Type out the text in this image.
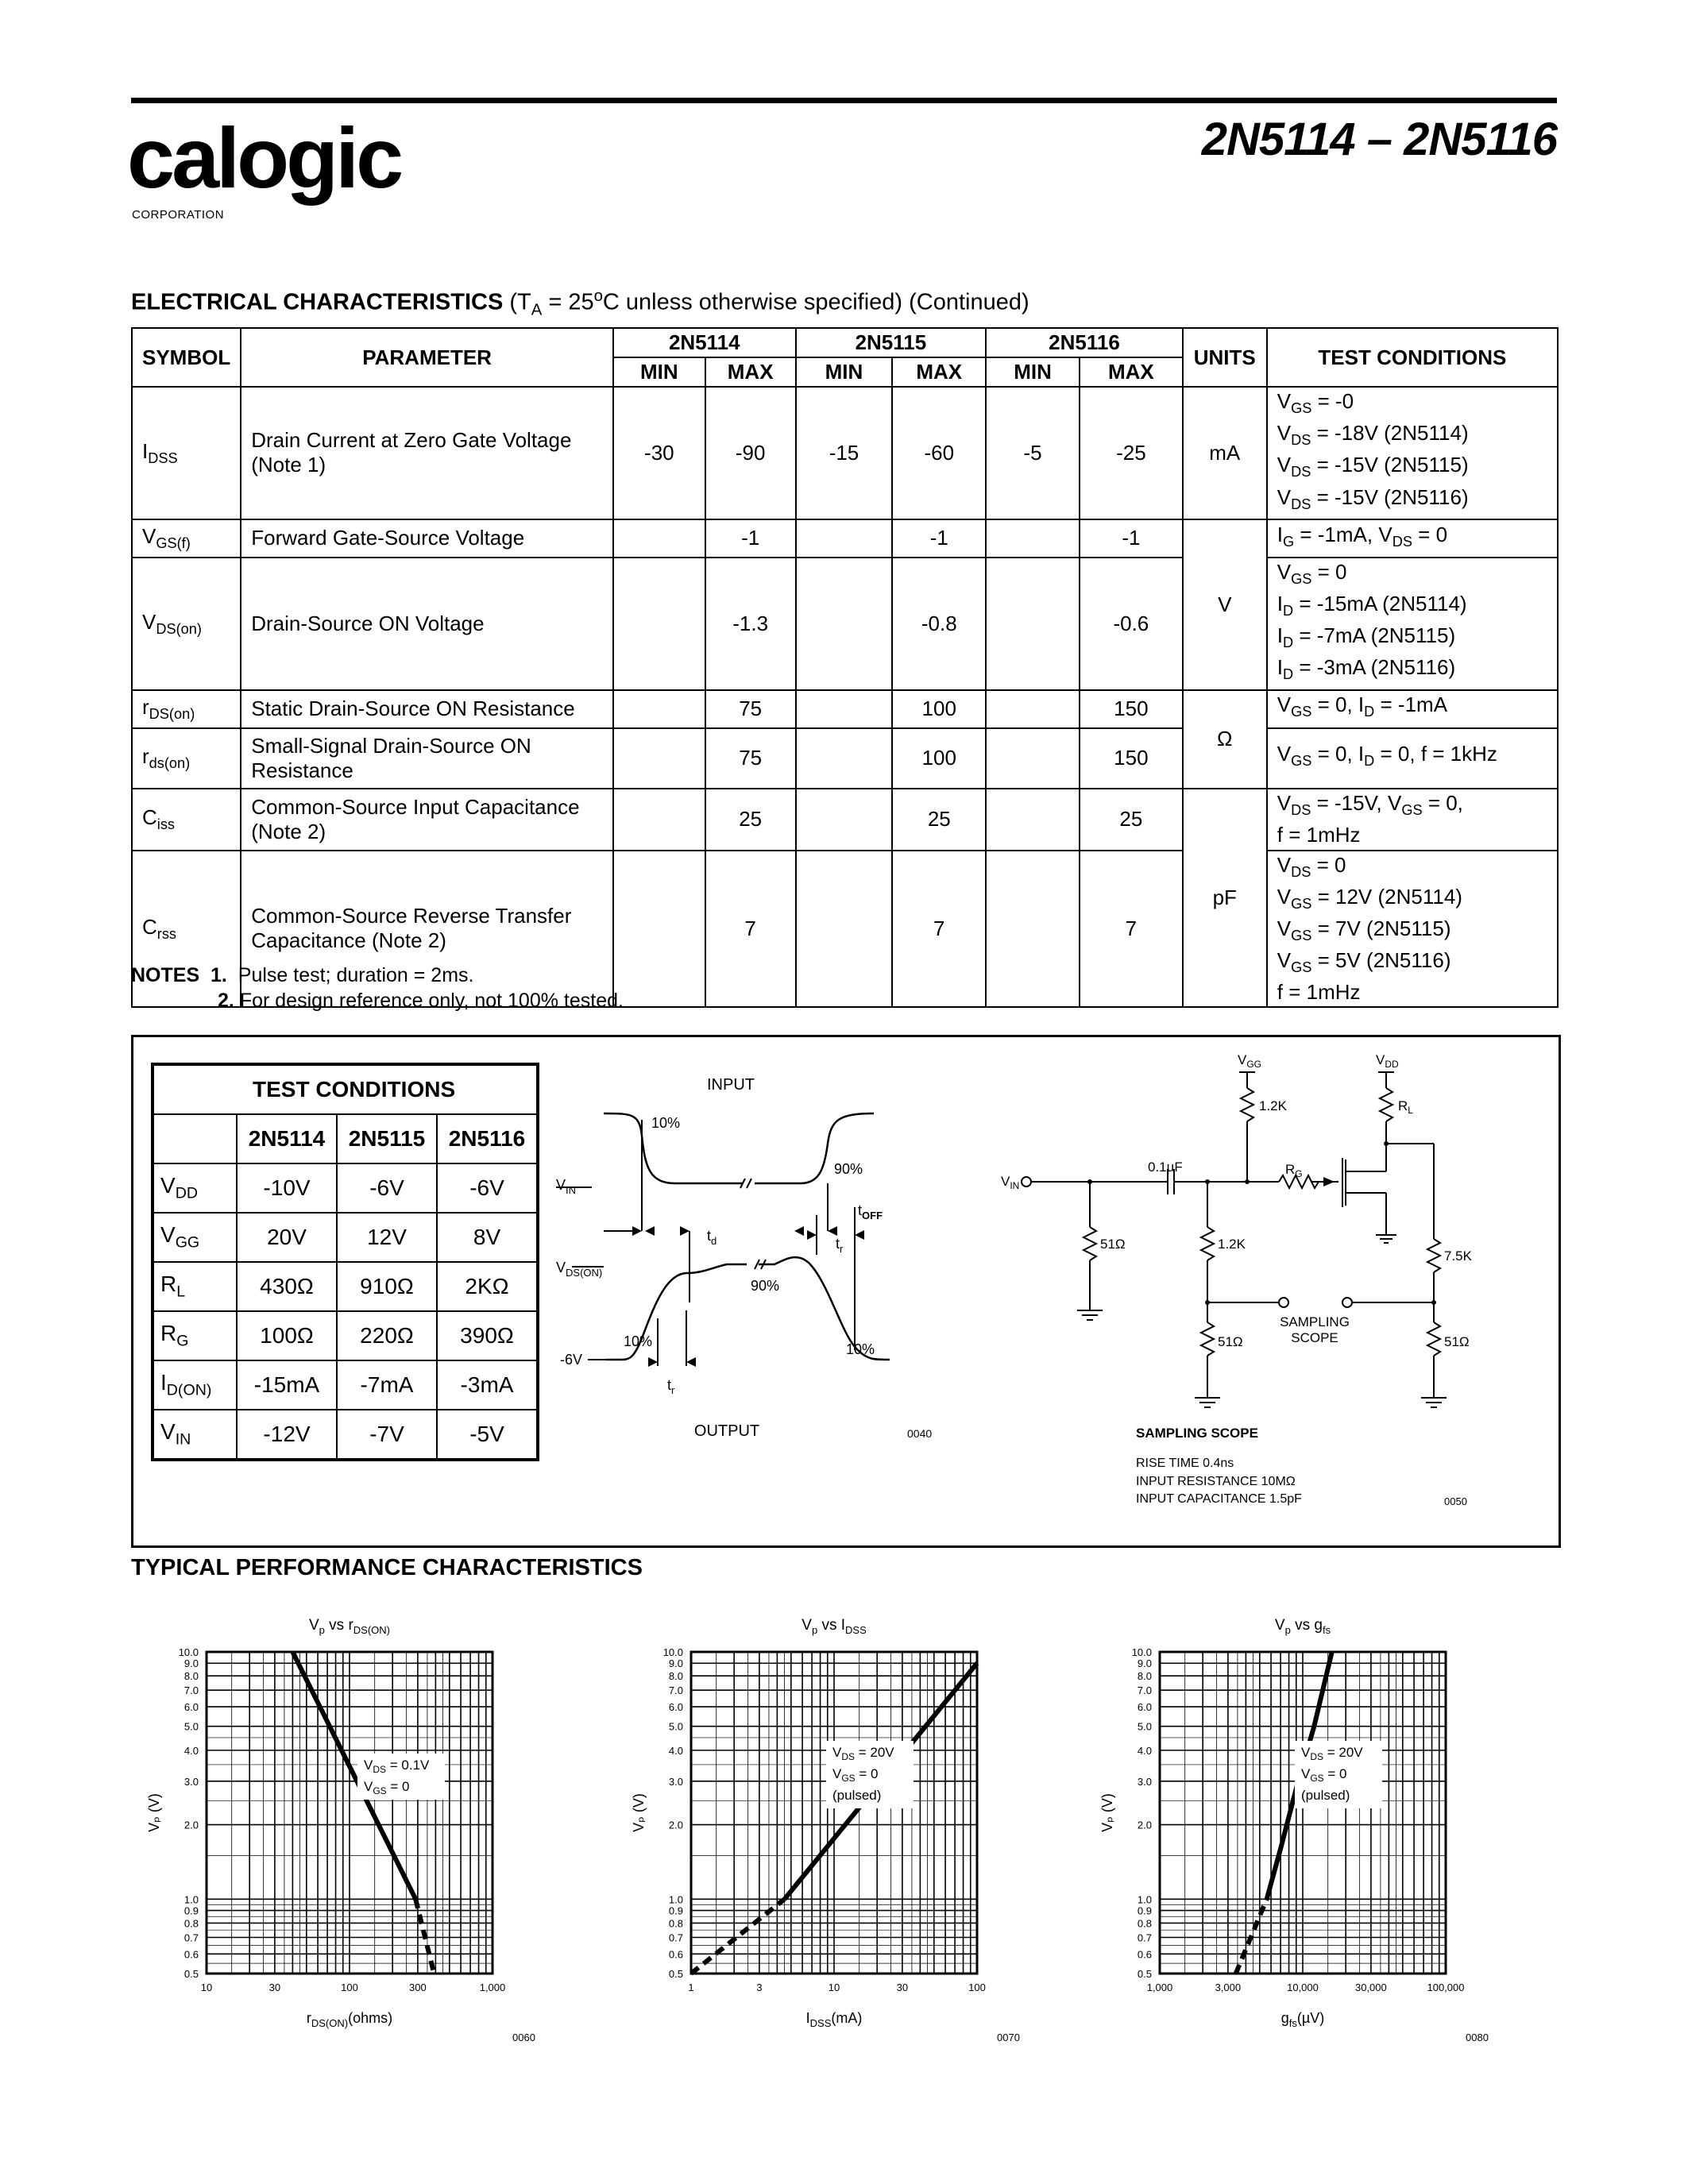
calogic
CORPORATION
2N5114 – 2N5116
ELECTRICAL CHARACTERISTICS ($T_A = 25^oC$ unless otherwise specified) (Continued)
SYMBOL	PARAMETER	2N5114		2N5115		2N5116		UNITS	TEST CONDITIONS
		MIN	MAX	MIN	MAX	MIN	MAX		
$I_{DSS}$	Drain Current at Zero Gate Voltage (Note 1)	-30	-90	-15	-60	-5	-25	mA	$V_{GS} = -0$
$V_{DS} = -18V$ (2N5114)
$V_{DS} = -15V$ (2N5115)
$V_{DS} = -15V$ (2N5116)

$V_{GS(f)}$	Forward Gate-Source Voltage		-1		-1		-1	V	$I_G = -1mA$, $V_{DS} = 0$

$V_{DS(on)}$	Drain-Source ON Voltage		-1.3		-0.8		-0.6		$V_{GS} = 0$
$I_D = -15mA$ (2N5114)
$I_D = -7mA$ (2N5115)
$I_D = -3mA$ (2N5116)

$r_{DS(on)}$	Static Drain-Source ON Resistance		75		100		150	Ω	$V_{GS} = 0$, $I_D = -1mA$

$r_{ds(on)}$	Small-Signal Drain-Source ON Resistance		75		100		150		$V_{GS} = 0$, $I_D = 0$, f = 1kHz

$C_{iss}$	Common-Source Input Capacitance (Note 2)		25		25		25	pF	$V_{DS} = -15V$, $V_{GS} = 0$,
f = 1mHz

$C_{rss}$	Common-Source Reverse Transfer Capacitance (Note 2)		7		7		7		$V_{DS} = 0$
$V_{GS} = 12V$ (2N5114)
$V_{GS} = 7V$ (2N5115)
$V_{GS} = 5V$ (2N5116)
f = 1mHz
NOTES 1. Pulse test; duration = 2ms.
2. For design reference only, not 100% tested.
	TEST CONDITIONS		
	2N5114	2N5115	2N5116
$V_{DD}$	-10V	-6V	-6V
$V_{GG}$	20V	12V	8V
$R_L$	430Ω	910Ω	2KΩ
$R_G$	100Ω	220Ω	390Ω
$I_{D(ON)}$	-15mA	-7mA	-3mA
$V_{IN}$	-12V	-7V	-5V
INPUT
10%
90%
$V_{IN}$
$t_d$
$t_{OFF}$
$t_r$
$V_{DS(ON)}$
90%
10%	10%
-6V
$t_r$
OUTPUT	0040
$V_{GG}$	$V_{DD}$
1.2K	$R_L$
0.1µF	$R_G$
$V_{IN}$
51Ω	1.2K
7.5K
SAMPLING
SCOPE
51Ω	51Ω
SAMPLING SCOPE
RISE TIME 0.4ns
INPUT RESISTANCE 10MΩ
INPUT CAPACITANCE 1.5pF	0050
TYPICAL PERFORMANCE CHARACTERISTICS
$V_p$ vs $r_{DS(ON)}$
0.5
0.6
0.7
0.8
0.9
1.0
2.0
3.0
4.0
5.0
6.0
7.0
8.0
9.0
10.0
10	30	100	300	1,000
Vₚ (V)
$r_{DS(ON)}(ohms)$
0060
$V_{DS} = 0.1V$
$V_{GS} = 0$
$V_p$ vs $I_{DSS}$
0.5
0.6
0.7
0.8
0.9
1.0
2.0
3.0
4.0
5.0
6.0
7.0
8.0
9.0
10.0
1	3	10	30	100
Vₚ (V)
$I_{DSS}(mA)$
0070
$V_{DS} = 20V$
$V_{GS} = 0$
(pulsed)
$V_p$ vs $g_{fs}$
0.5
0.6
0.7
0.8
0.9
1.0
2.0
3.0
4.0
5.0
6.0
7.0
8.0
9.0
10.0
1,000	3,000	10,000	30,000	100,000
Vₚ (V)
$g_{fs}(\mu V)$
0080
$V_{DS} = 20V$
$V_{GS} = 0$
(pulsed)
